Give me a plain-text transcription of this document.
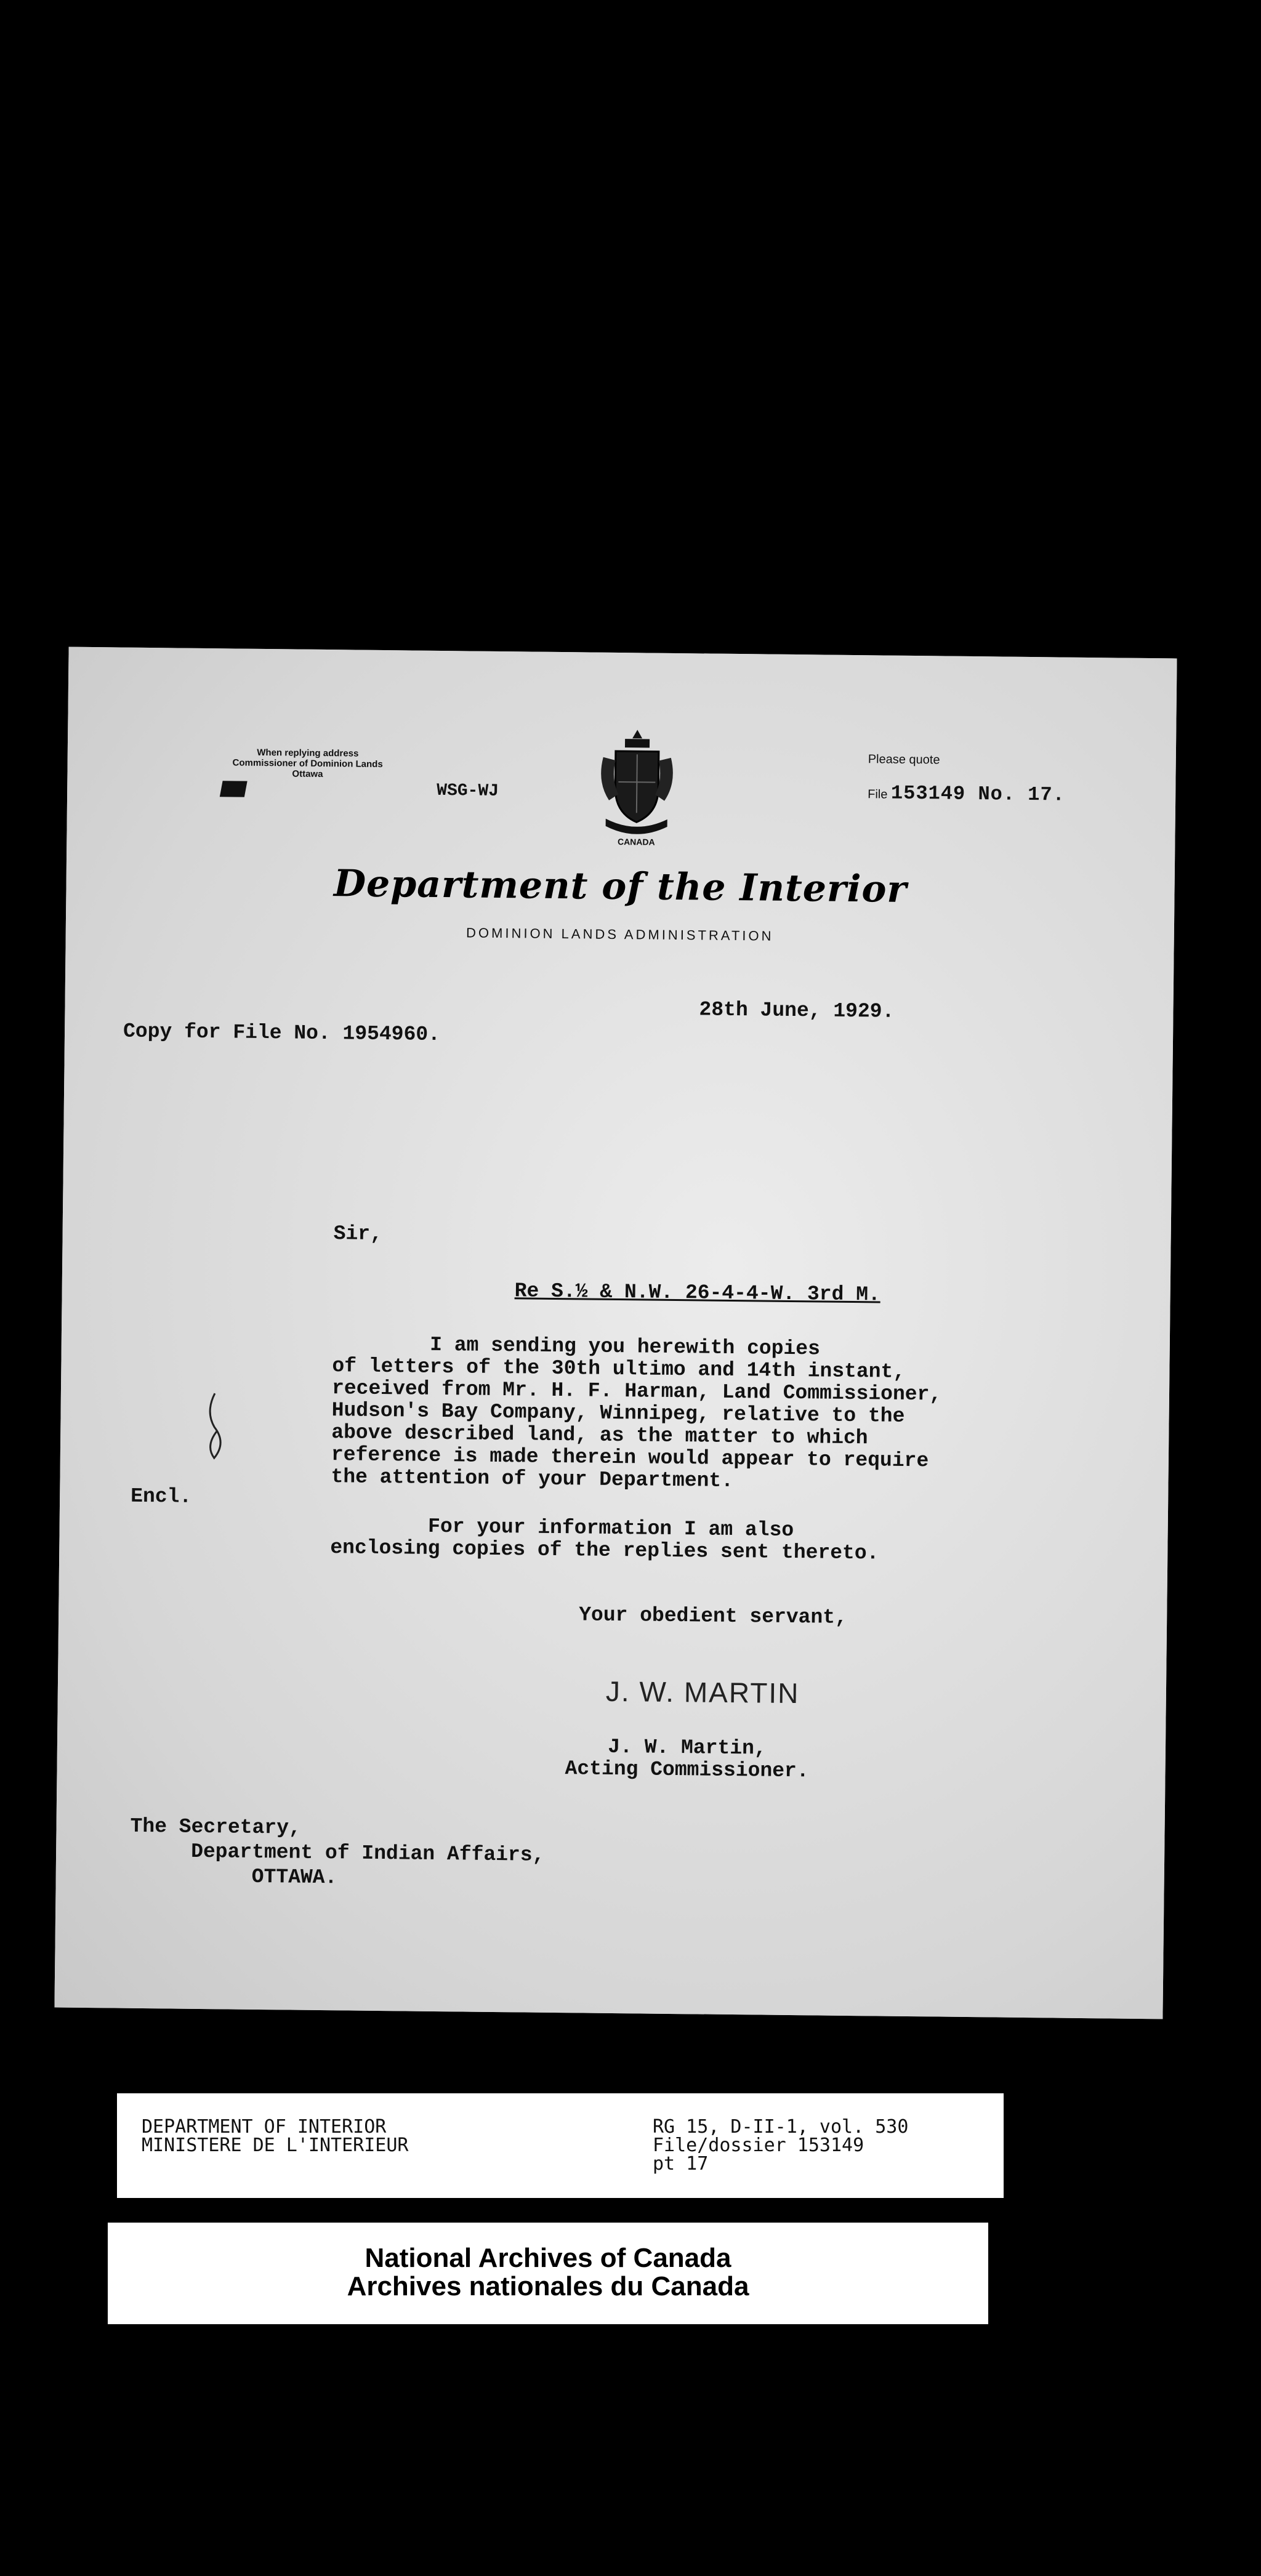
When replying address
Commissioner of Dominion Lands
Ottawa
WSG-WJ
CANADA
Please quote
File 153149 No. 17.
Department of the Interior
DOMINION LANDS ADMINISTRATION
28th June, 1929.
Copy for File No. 1954960.
Sir,
Re S.½ & N.W. 26-4-4-W. 3rd M.
I am sending you herewith copies
of letters of the 30th ultimo and 14th instant,
received from Mr. H. F. Harman, Land Commissioner,
Hudson's Bay Company, Winnipeg, relative to the
above described land, as the matter to which
reference is made therein would appear to require
the attention of your Department.
Encl.
For your information I am also
enclosing copies of the replies sent thereto.
Your obedient servant,
J. W. MARTIN
J. W. Martin,
Acting Commissioner.
The Secretary,
Department of Indian Affairs,
OTTAWA.
DEPARTMENT OF INTERIOR
MINISTERE DE L'INTERIEUR
RG 15, D-II-1, vol. 530
File/dossier 153149
pt 17
National Archives of Canada
Archives nationales du Canada
